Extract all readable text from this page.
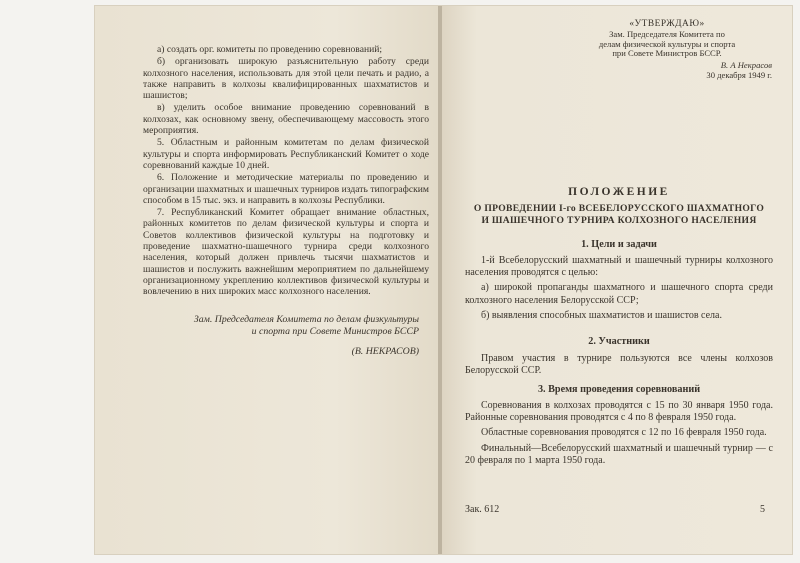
а) создать орг. комитеты по проведению соревнований;

б) организовать широкую разъяснительную работу среди колхозного населения, использовать для этой цели печать и радио, а также направить в колхозы квалифицированных шахматистов и шашистов;

в) уделить особое внимание проведению соревнований в колхозах, как основному звену, обеспечивающему массовость этого мероприятия.

5. Областным и районным комитетам по делам физической культуры и спорта информировать Республиканский Комитет о ходе соревнований каждые 10 дней.

6. Положение и методические материалы по проведению и организации шахматных и шашечных турниров издать типографским способом в 15 тыс. экз. и направить в колхозы Республики.

7. Республиканский Комитет обращает внимание областных, районных комитетов по делам физической культуры и спорта и Советов коллективов физической культуры на подготовку и проведение шахматно-шашечного турнира среди колхозного населения, который должен привлечь тысячи шахматистов и шашистов и послужить важнейшим мероприятием по дальнейшему организационному укреплению коллективов физической культуры и вовлечению в них широких масс колхозного населения.

Зам. Председателя Комитета по делам физкультуры
и спорта при Совете Министров БССР
(В. НЕКРАСОВ)
«УТВЕРЖДАЮ»
Зам. Председателя Комитета по
делам физической культуры и спорта
при Совете Министров БССР.
В. А Некрасов
30 декабря 1949 г.
ПОЛОЖЕНИЕ
О ПРОВЕДЕНИИ I-го ВСЕБЕЛОРУССКОГО ШАХМАТНОГО
И ШАШЕЧНОГО ТУРНИРА КОЛХОЗНОГО НАСЕЛЕНИЯ
1. Цели и задачи

1-й Всебелорусский шахматный и шашечный турниры колхозного населения проводятся с целью:

а) широкой пропаганды шахматного и шашечного спорта среди колхозного населения Белорусской ССР;

б) выявления способных шахматистов и шашистов села.

2. Участники

Правом участия в турнире пользуются все члены колхозов Белорусской ССР.

3. Время проведения соревнований

Соревнования в колхозах проводятся с 15 по 30 января 1950 года. Районные соревнования проводятся с 4 по 8 февраля 1950 года.

Областные соревнования проводятся с 12 по 16 февраля 1950 года.

Финальный—Всебелорусский шахматный и шашечный турнир — с 20 февраля по 1 марта 1950 года.

Зак. 612	5
